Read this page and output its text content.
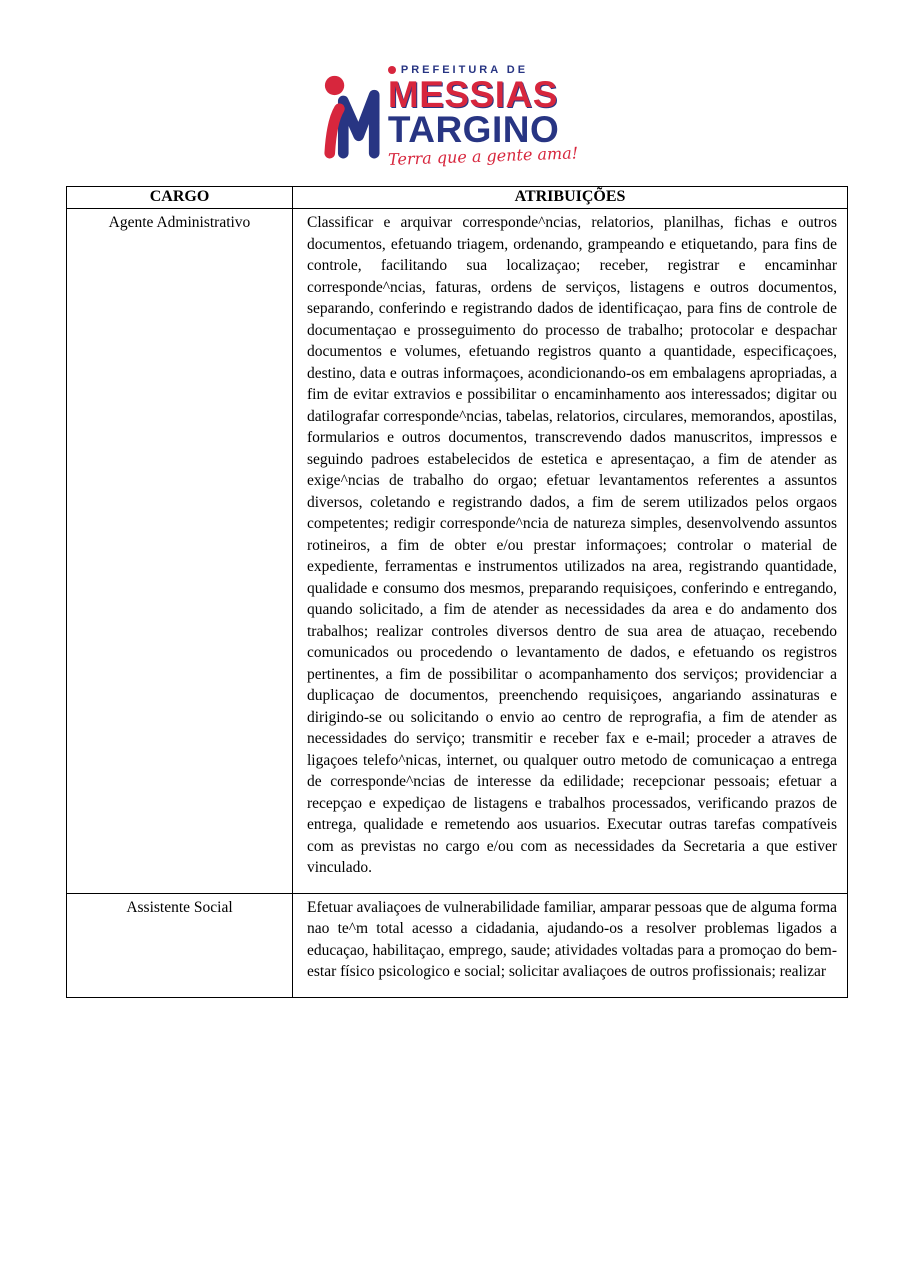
PREFEITURA DE
MESSIAS
TARGINO
Terra que a gente ama!
CARGO	ATRIBUIÇÕES
Agente Administrativo	Classificar e arquivar corresponde^ncias, relatorios, planilhas, fichas e outros documentos, efetuando triagem, ordenando, grampeando e etiquetando, para fins de controle, facilitando sua localizaçao; receber, registrar e encaminhar corresponde^ncias, faturas, ordens de serviços, listagens e outros documentos, separando, conferindo e registrando dados de identificaçao, para fins de controle de documentaçao e prosseguimento do processo de trabalho; protocolar e despachar documentos e volumes, efetuando registros quanto a quantidade, especificaçoes, destino, data e outras informaçoes, acondicionando-os em embalagens apropriadas, a fim de evitar extravios e possibilitar o encaminhamento aos interessados; digitar ou datilografar corresponde^ncias, tabelas, relatorios, circulares, memorandos, apostilas, formularios e outros documentos, transcrevendo dados manuscritos, impressos e seguindo padroes estabelecidos de estetica e apresentaçao, a fim de atender as exige^ncias de trabalho do orgao; efetuar levantamentos referentes a assuntos diversos, coletando e registrando dados, a fim de serem utilizados pelos orgaos competentes; redigir corresponde^ncia de natureza simples, desenvolvendo assuntos rotineiros, a fim de obter e/ou prestar informaçoes; controlar o material de expediente, ferramentas e instrumentos utilizados na area, registrando quantidade, qualidade e consumo dos mesmos, preparando requisiçoes, conferindo e entregando, quando solicitado, a fim de atender as necessidades da area e do andamento dos trabalhos; realizar controles diversos dentro de sua area de atuaçao, recebendo comunicados ou procedendo o levantamento de dados, e efetuando os registros pertinentes, a fim de possibilitar o acompanhamento dos serviços; providenciar a duplicaçao de documentos, preenchendo requisiçoes, angariando assinaturas e dirigindo-se ou solicitando o envio ao centro de reprografia, a fim de atender as necessidades do serviço; transmitir e receber fax e e-mail; proceder a atraves de ligaçoes telefo^nicas, internet, ou qualquer outro metodo de comunicaçao a entrega de corresponde^ncias de interesse da edilidade; recepcionar pessoais; efetuar a recepçao e expediçao de listagens e trabalhos processados, verificando prazos de entrega, qualidade e remetendo aos usuarios. Executar outras tarefas compatíveis com as previstas no cargo e/ou com as necessidades da Secretaria a que estiver vinculado.
Assistente Social	Efetuar avaliaçoes de vulnerabilidade familiar, amparar pessoas que de alguma forma nao te^m total acesso a cidadania, ajudando-os a resolver problemas ligados a educaçao, habilitaçao, emprego, saude; atividades voltadas para a promoçao do bem-estar físico psicologico e social; solicitar avaliaçoes de outros profissionais; realizar
